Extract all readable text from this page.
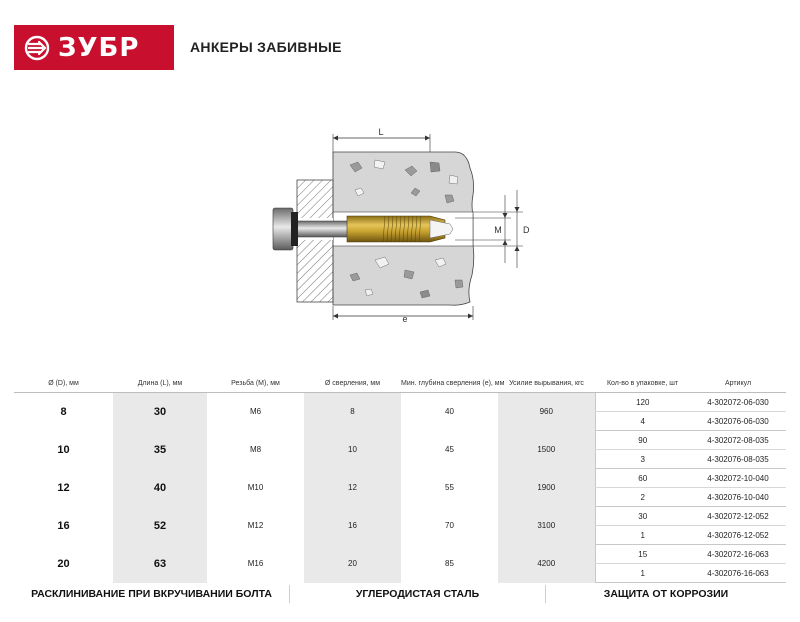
ЗУБР	АНКЕРЫ ЗАБИВНЫЕ
L
M D
e
Ø (D), мм	Длина (L), мм	Резьба (M), мм	Ø сверления, мм	Мин. глубина сверления (e), мм	Усилие вырывания, кгс	Кол-во в упаковке, шт	Артикул
8	30	M6	8	40	960	120	4-302072-06-030
						4	4-302076-06-030
10	35	M8	10	45	1500	90	4-302072-08-035
						3	4-302076-08-035
12	40	M10	12	55	1900	60	4-302072-10-040
						2	4-302076-10-040
16	52	M12	16	70	3100	30	4-302072-12-052
						1	4-302076-12-052
20	63	M16	20	85	4200	15	4-302072-16-063
						1	4-302076-16-063
РАСКЛИНИВАНИЕ ПРИ ВКРУЧИВАНИИ БОЛТА	УГЛЕРОДИСТАЯ СТАЛЬ	ЗАЩИТА ОТ КОРРОЗИИ
